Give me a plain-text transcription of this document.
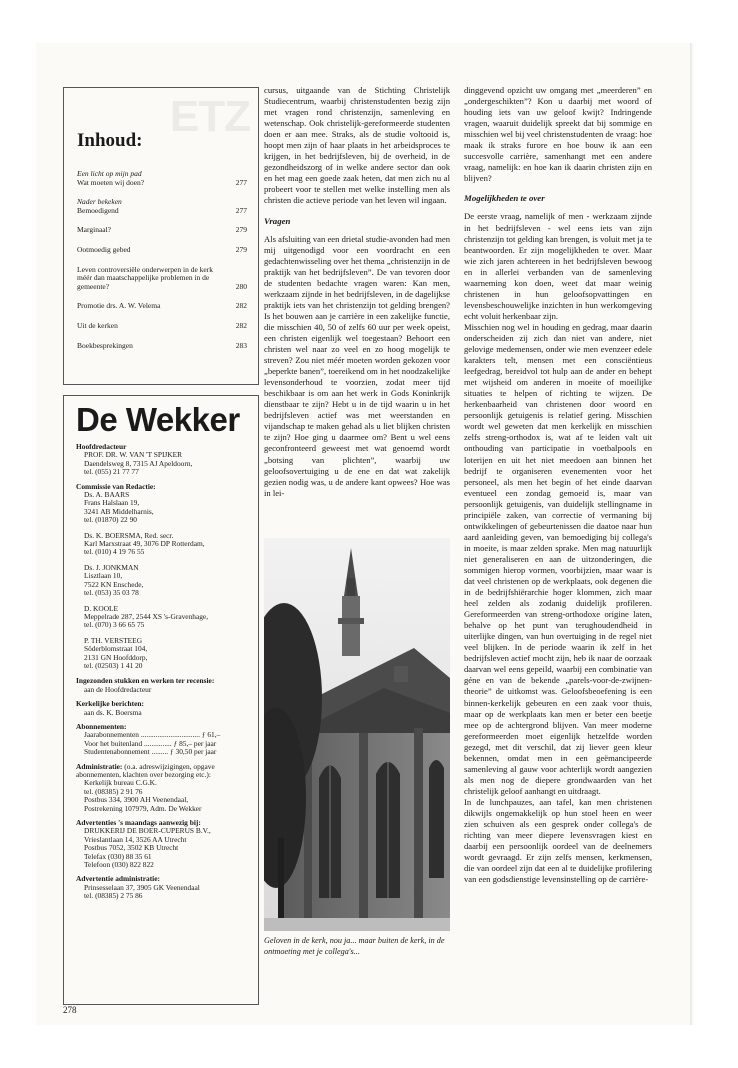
ETZ
Inhoud:
Een licht op mijn pad
Wat moeten wij doen?	277
Nader bekeken
Bemoedigend	277
Marginaal?	279
Ootmoedig gebed	279
Leven controversiële onderwerpen in de kerk méér dan maatschappelijke problemen in de gemeente?	280
Promotie drs. A. W. Velema	282
Uit de kerken	282
Boekbesprekingen	283
De Wekker
Hoofdredacteur
PROF. DR. W. VAN 'T SPIJKER
Daendelsweg 8, 7315 AJ Apeldoorn,
tel. (055) 21 77 77
Commissie van Redactie:
Ds. A. BAARS
Frans Halslaan 19,
3241 AB Middelharnis,
tel. (01870) 22 90
Ds. K. BOERSMA, Red. secr.
Karl Marxstraat 49, 3076 DP Rotterdam,
tel. (010) 4 19 76 55
Ds. J. JONKMAN
Lisztlaan 10,
7522 KN Enschede,
tel. (053) 35 03 78
D. KOOLE
Meppelrade 287, 2544 XS 's-Gravenhage,
tel. (070) 3 66 65 75
P. TH. VERSTEEG
Söderblomstraat 104,
2131 GN Hoofddorp,
tel. (02503) 1 41 20
Ingezonden stukken en werken ter recensie:
aan de Hoofdredacteur
Kerkelijke berichten:
aan ds. K. Boersma
Abonnementen:
Jaarabonnementen ................................ ƒ 61,–
Voor het buitenland ............... ƒ 85,– per jaar
Studentenabonnement ......... ƒ 30,50 per jaar
Administratie: (o.a. adreswijzigingen, opgave abonnementen, klachten over bezorging etc.):
Kerkelijk bureau C.G.K.
tel. (08385) 2 91 76
Postbus 334, 3900 AH Veenendaal,
Postrekening 107979, Adm. De Wekker
Advertenties 's maandags aanwezig bij:
DRUKKERIJ DE BOER-CUPERUS B.V.,
Vrieslantlaan 14, 3526 AA Utrecht
Postbus 7052, 3502 KB Utrecht
Telefax (030) 88 35 61
Telefoon (030) 822 822
Advertentie administratie:
Prinsesselaan 37, 3905 GK Veenendaal
tel. (08385) 2 75 86

cursus, uitgaande van de Stichting Christelijk Studiecentrum, waarbij christenstudenten bezig zijn met vragen rond christenzijn, samenleving en wetenschap. Ook christelijk-gereformeerde studenten doen er aan mee. Straks, als de studie voltooid is, hoopt men zijn of haar plaats in het arbeidsproces te krijgen, in het bedrijfsleven, bij de overheid, in de gezondheidszorg of in welke andere sector dan ook en het mag een goede zaak heten, dat men zich nu al probeert voor te stellen met welke instelling men als christen die actieve periode van het leven wil ingaan.

Vragen

Als afsluiting van een drietal studie-avonden had men mij uitgenodigd voor een voordracht en een gedachtenwisseling over het thema „christenzijn in de praktijk van het bedrijfsleven”. De van tevoren door de studenten bedachte vragen waren: Kan men, werkzaam zijnde in het bedrijfsleven, in de dagelijkse praktijk iets van het christenzijn tot gelding brengen? Is het bouwen aan je carrière in een zakelijke functie, die misschien 40, 50 of zelfs 60 uur per week opeist, een christen eigenlijk wel toegestaan? Behoort een christen wel naar zo veel en zo hoog mogelijk te streven? Zou niet méér moeten worden gekozen voor „beperkte banen”, toereikend om in het noodzakelijke levensonderhoud te voorzien, zodat meer tijd beschikbaar is om aan het werk in Gods Koninkrijk dienstbaar te zijn? Hebt u in de tijd waarin u in het bedrijfsleven actief was met weerstanden en vijandschap te maken gehad als u liet blijken christen te zijn? Hoe ging u daarmee om? Bent u wel eens geconfronteerd geweest met wat genoemd wordt „botsing van plichten”, waarbij uw geloofsovertuiging u de ene en dat wat zakelijk gezien nodig was, u de andere kant opwees? Hoe was in lei-

Geloven in de kerk, nou ja... maar buiten de kerk, in de ontmoeting met je collega's...

dinggevend opzicht uw omgang met „meerderen” en „ondergeschikten”? Kon u daarbij met woord of houding iets van uw geloof kwijt? Indringende vragen, waaruit duidelijk spreekt dat bij sommige en misschien wel bij veel christenstudenten de vraag: hoe maak ik straks furore en hoe bouw ik aan een succesvolle carrière, samenhangt met een andere vraag, namelijk: en hoe kan ik daarin christen zijn en blijven?

Mogelijkheden te over

De eerste vraag, namelijk of men - werkzaam zijnde in het bedrijfsleven - wel eens iets van zijn christenzijn tot gelding kan brengen, is voluit met ja te beantwoorden. Er zijn mogelijkheden te over. Maar wie zich jaren achtereen in het bedrijfsleven bewoog en in allerlei verbanden van de samenleving waarneming kon doen, weet dat maar weinig christenen in hun geloofsopvattingen en levensbeschouwelijke inzichten in hun werkomgeving echt voluit herkenbaar zijn.

Misschien nog wel in houding en gedrag, maar daarin onderscheiden zij zich dan niet van andere, niet gelovige medemensen, onder wie men evenzeer edele karakters telt, mensen met een consciëntieus leefgedrag, bereidvol tot hulp aan de ander en behept met wijsheid om anderen in moeite of moeilijke situaties te helpen of richting te wijzen. De herkenbaarheid van christenen door woord en persoonlijk getuigenis is relatief gering. Misschien wordt wel geweten dat men kerkelijk en misschien zelfs streng-orthodox is, wat af te leiden valt uit onthouding van participatie in voetbalpools en loterijen en uit het niet meedoen aan binnen het bedrijf te organiseren evenementen voor het personeel, als men het begin of het einde daarvan eventueel een zondag gemoeid is, maar van persoonlijk getuigenis, van duidelijk stellingname in principiële zaken, van correctie of vermaning bij ontwikkelingen of gebeurtenissen die daatoe naar hun aard aanleiding geven, van bemoediging bij collega's in moeite, is maar zelden sprake. Men mag natuurlijk niet generaliseren en aan de uitzonderingen, die sommigen hierop vormen, voorbijzien, maar waar is dat veel christenen op de werkplaats, ook degenen die in de bedrijfshiërarchie hoger klommen, zich maar heel zelden als zodanig duidelijk profileren. Gereformeerden van streng-orthodoxe origine laten, behalve op het punt van terughoudendheid in uiterlijke dingen, van hun overtuiging in de regel niet veel blijken. In de periode waarin ik zelf in het bedrijfsleven actief mocht zijn, heb ik naar de oorzaak daarvan wel eens gepeild, waarbij een combinatie van géne en van de bekende „parels-voor-de-zwijnen-theorie” de uitkomst was. Geloofsbeoefening is een binnen-kerkelijk gebeuren en een zaak voor thuis, maar op de werkplaats kan men er beter een beetje mee op de achtergrond blijven. Van meer moderne gereformeerden moet eigenlijk hetzelfde worden gezegd, met dit verschil, dat zij liever geen kleur bekennen, omdat men in een geëmancipeerde samenleving al gauw voor achterlijk wordt aangezien als men nog de diepere grondwaarden van het christelijk geloof aanhangt en uitdraagt.

In de lunchpauzes, aan tafel, kan men christenen dikwijls ongemakkelijk op hun stoel heen en weer zien schuiven als een gesprek onder collega's de richting van meer diepere levensvragen kiest en daarbij een persoonlijk oordeel van de deelnemers wordt gevraagd. Er zijn zelfs mensen, kerkmensen, die van oordeel zijn dat een al te duidelijke profilering van een godsdienstige levensinstelling op de carrière-

278
